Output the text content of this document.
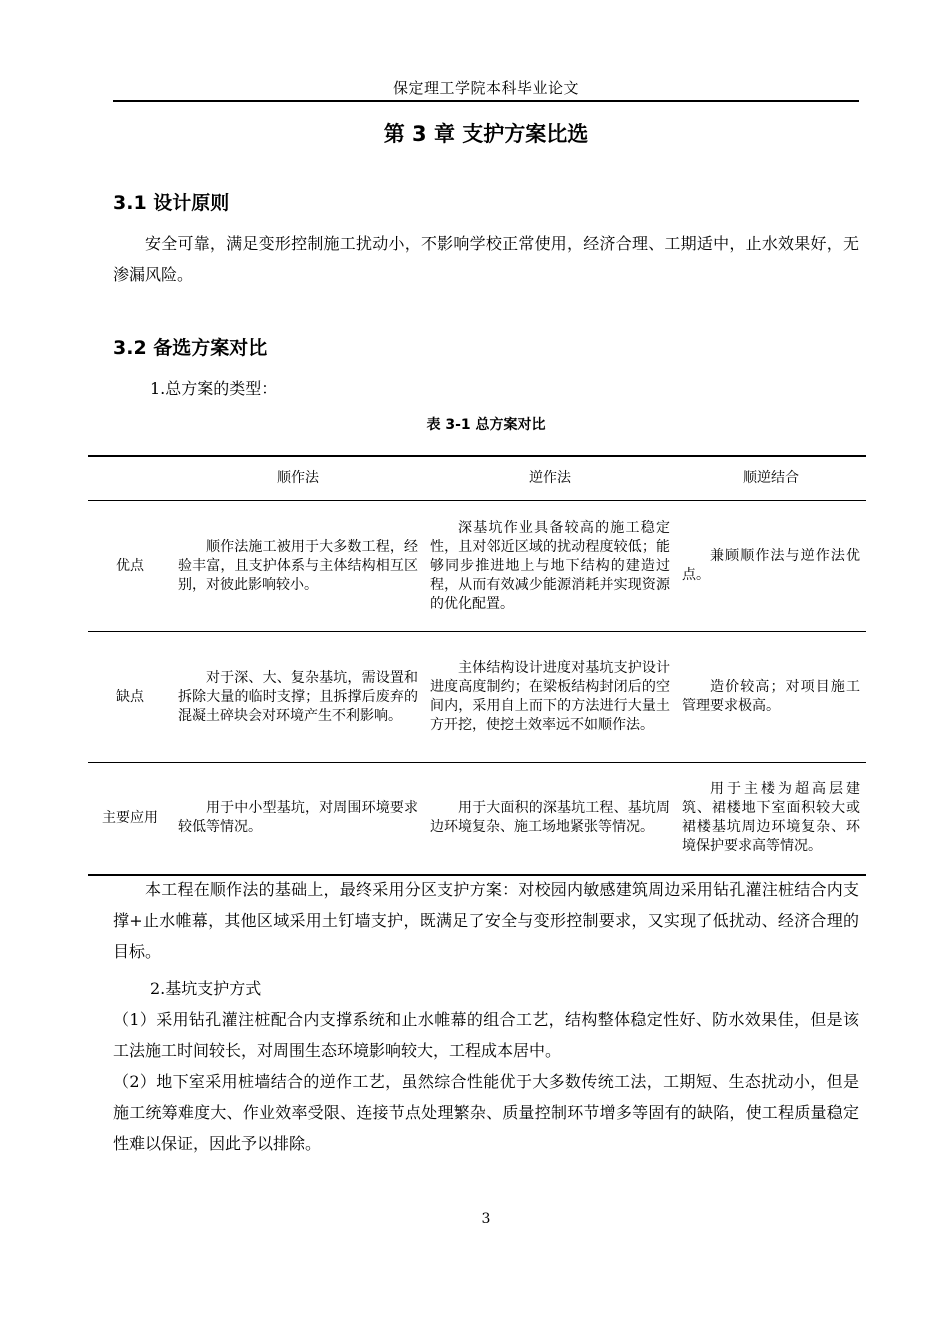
保定理工学院本科毕业论文
第 3 章 支护方案比选
3.1 设计原则

安全可靠，满足变形控制施工扰动小，不影响学校正常使用，经济合理、工期适中，止水效果好，无渗漏风险。

3.2 备选方案对比
1.总方案的类型：
表 3-1 总方案对比
	顺作法	逆作法	顺逆结合
优点	顺作法施工被用于大多数工程，经验丰富，且支护体系与主体结构相互区别，对彼此影响较小。	深基坑作业具备较高的施工稳定性，且对邻近区域的扰动程度较低；能够同步推进地上与地下结构的建造过程，从而有效减少能源消耗并实现资源的优化配置。	兼顾顺作法与逆作法优点。
缺点	对于深、大、复杂基坑，需设置和拆除大量的临时支撑；且拆撑后废弃的混凝土碎块会对环境产生不利影响。	主体结构设计进度对基坑支护设计进度高度制约；在梁板结构封闭后的空间内，采用自上而下的方法进行大量土方开挖，使挖土效率远不如顺作法。	造价较高；对项目施工管理要求极高。
主要应用	用于中小型基坑，对周围环境要求较低等情况。	用于大面积的深基坑工程、基坑周边环境复杂、施工场地紧张等情况。	用于主楼为超高层建筑、裙楼地下室面积较大或裙楼基坑周边环境复杂、环境保护要求高等情况。

本工程在顺作法的基础上，最终采用分区支护方案：对校园内敏感建筑周边采用钻孔灌注桩结合内支撑+止水帷幕，其他区域采用土钉墙支护，既满足了安全与变形控制要求，又实现了低扰动、经济合理的目标。

2.基坑支护方式

（1）采用钻孔灌注桩配合内支撑系统和止水帷幕的组合工艺，结构整体稳定性好、防水效果佳，但是该工法施工时间较长，对周围生态环境影响较大，工程成本居中。

（2）地下室采用桩墙结合的逆作工艺，虽然综合性能优于大多数传统工法，工期短、生态扰动小，但是施工统筹难度大、作业效率受限、连接节点处理繁杂、质量控制环节增多等固有的缺陷，使工程质量稳定性难以保证，因此予以排除。

3
